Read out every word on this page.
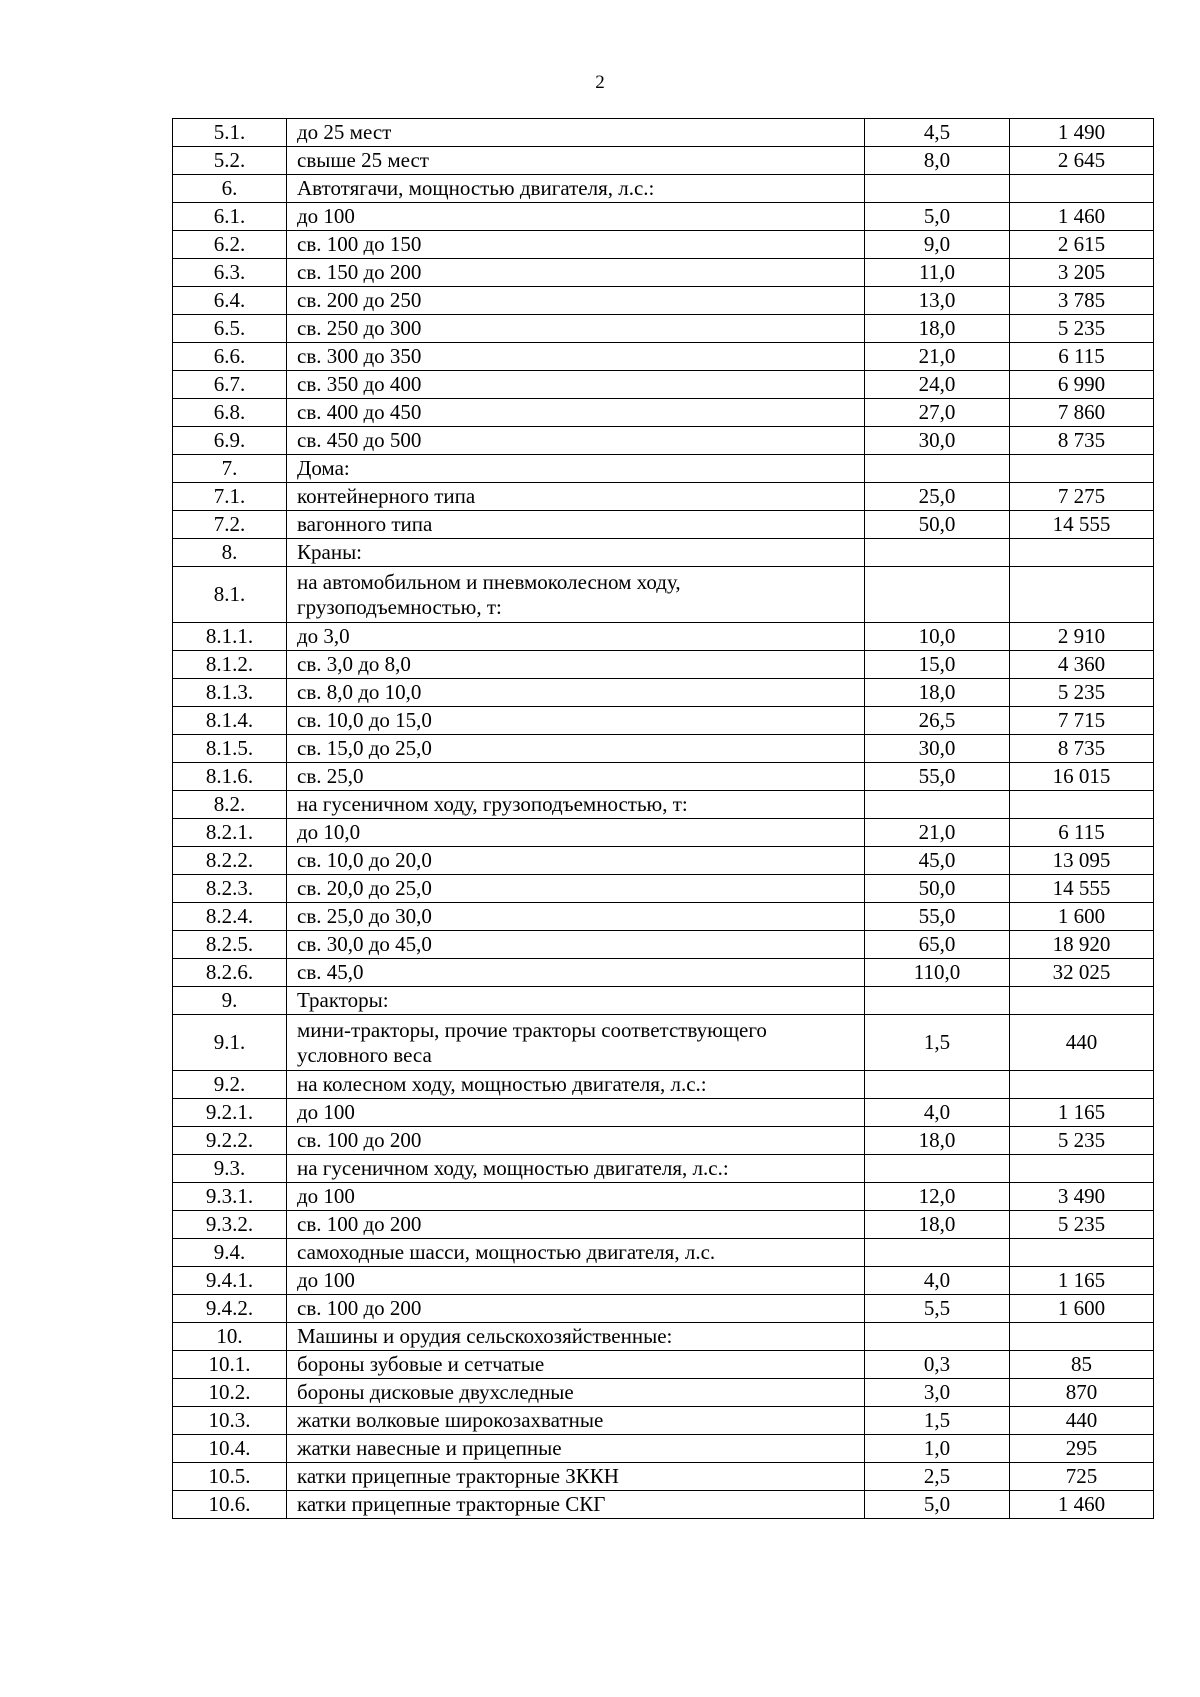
2
5.1.	до 25 мест	4,5	1 490
5.2.	свыше 25 мест	8,0	2 645
6.	Автотягачи, мощностью двигателя, л.с.:		
6.1.	до 100	5,0	1 460
6.2.	св. 100 до 150	9,0	2 615
6.3.	св. 150 до 200	11,0	3 205
6.4.	св. 200 до 250	13,0	3 785
6.5.	св. 250 до 300	18,0	5 235
6.6.	св. 300 до 350	21,0	6 115
6.7.	св. 350 до 400	24,0	6 990
6.8.	св. 400 до 450	27,0	7 860
6.9.	св. 450 до 500	30,0	8 735
7.	Дома:		
7.1.	контейнерного типа	25,0	7 275
7.2.	вагонного типа	50,0	14 555
8.	Краны:		
8.1.	на автомобильном и пневмоколесном ходу, грузоподъемностью, т:		
8.1.1.	до 3,0	10,0	2 910
8.1.2.	св. 3,0 до 8,0	15,0	4 360
8.1.3.	св. 8,0 до 10,0	18,0	5 235
8.1.4.	св. 10,0 до 15,0	26,5	7 715
8.1.5.	св. 15,0 до 25,0	30,0	8 735
8.1.6.	св. 25,0	55,0	16 015
8.2.	на гусеничном ходу, грузоподъемностью, т:		
8.2.1.	до 10,0	21,0	6 115
8.2.2.	св. 10,0 до 20,0	45,0	13 095
8.2.3.	св. 20,0 до 25,0	50,0	14 555
8.2.4.	св. 25,0 до 30,0	55,0	1 600
8.2.5.	св. 30,0 до 45,0	65,0	18 920
8.2.6.	св. 45,0	110,0	32 025
9.	Тракторы:		
9.1.	мини-тракторы, прочие тракторы соответствующего условного веса	1,5	440
9.2.	на колесном ходу, мощностью двигателя, л.с.:		
9.2.1.	до 100	4,0	1 165
9.2.2.	св. 100 до 200	18,0	5 235
9.3.	на гусеничном ходу, мощностью двигателя, л.с.:		
9.3.1.	до 100	12,0	3 490
9.3.2.	св. 100 до 200	18,0	5 235
9.4.	самоходные шасси, мощностью двигателя, л.с.		
9.4.1.	до 100	4,0	1 165
9.4.2.	св. 100 до 200	5,5	1 600
10.	Машины и орудия сельскохозяйственные:		
10.1.	бороны зубовые и сетчатые	0,3	85
10.2.	бороны дисковые двухследные	3,0	870
10.3.	жатки волковые широкозахватные	1,5	440
10.4.	жатки навесные и прицепные	1,0	295
10.5.	катки прицепные тракторные ЗККН	2,5	725
10.6.	катки прицепные тракторные СКГ	5,0	1 460
